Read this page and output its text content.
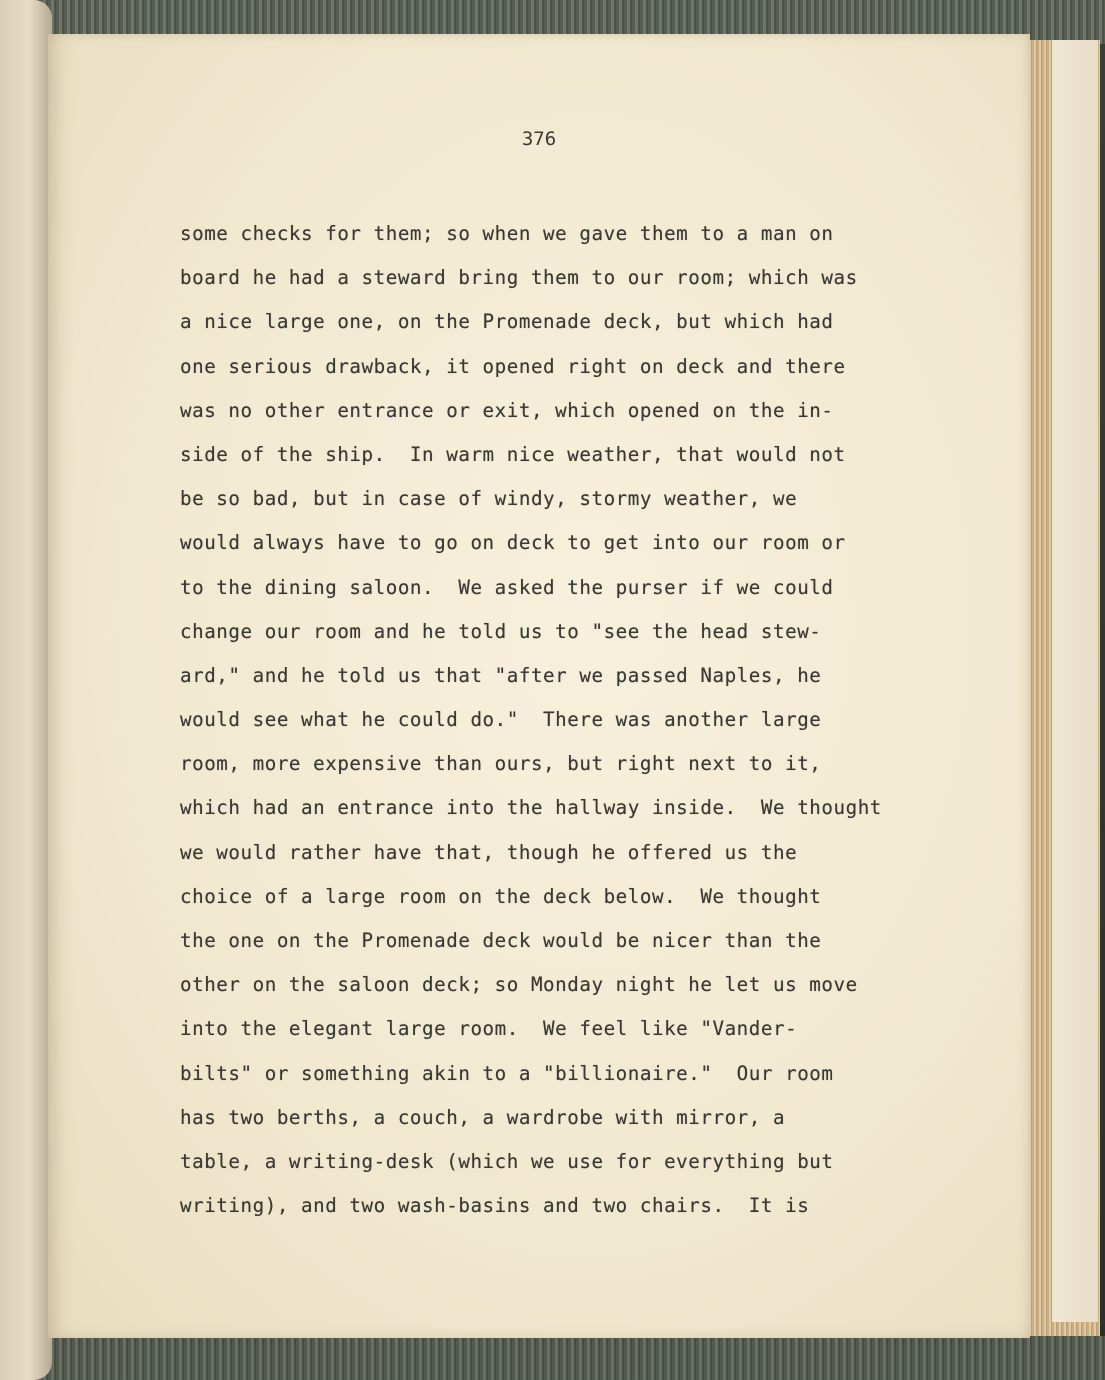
376
some checks for them; so when we gave them to a man on
board he had a steward bring them to our room; which was
a nice large one, on the Promenade deck, but which had
one serious drawback, it opened right on deck and there
was no other entrance or exit, which opened on the in-
side of the ship.  In warm nice weather, that would not
be so bad, but in case of windy, stormy weather, we
would always have to go on deck to get into our room or
to the dining saloon.  We asked the purser if we could
change our room and he told us to "see the head stew-
ard," and he told us that "after we passed Naples, he
would see what he could do."  There was another large
room, more expensive than ours, but right next to it,
which had an entrance into the hallway inside.  We thought
we would rather have that, though he offered us the
choice of a large room on the deck below.  We thought
the one on the Promenade deck would be nicer than the
other on the saloon deck; so Monday night he let us move
into the elegant large room.  We feel like "Vander-
bilts" or something akin to a "billionaire."  Our room
has two berths, a couch, a wardrobe with mirror, a
table, a writing-desk (which we use for everything but
writing), and two wash-basins and two chairs.  It is
